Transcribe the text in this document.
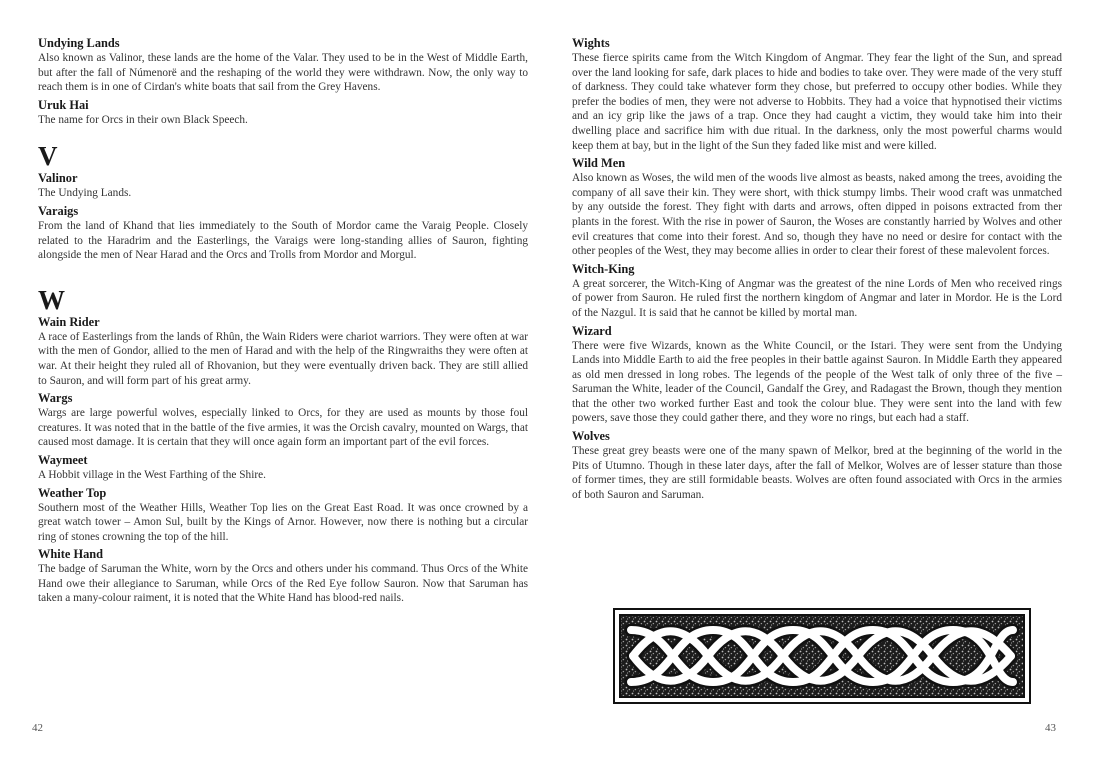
Undying Lands

Also known as Valinor, these lands are the home of the Valar. They used to be in the West of Middle Earth, but after the fall of Númenorë and the reshaping of the world they were withdrawn. Now, the only way to reach them is in one of Cirdan's white boats that sail from the Grey Havens.

Uruk Hai

The name for Orcs in their own Black Speech.

V

Valinor

The Undying Lands.

Varaigs

From the land of Khand that lies immediately to the South of Mordor came the Varaig People. Closely related to the Haradrim and the Easterlings, the Varaigs were long-standing allies of Sauron, fighting alongside the men of Near Harad and the Orcs and Trolls from Mordor and Morgul.

W

Wain Rider

A race of Easterlings from the lands of Rhûn, the Wain Riders were chariot warriors. They were often at war with the men of Gondor, allied to the men of Harad and with the help of the Ringwraiths they were often at war. At their height they ruled all of Rhovanion, but they were eventually driven back. They are still allied to Sauron, and will form part of his great army.

Wargs

Wargs are large powerful wolves, especially linked to Orcs, for they are used as mounts by those foul creatures. It was noted that in the battle of the five armies, it was the Orcish cavalry, mounted on Wargs, that caused most damage. It is certain that they will once again form an important part of the evil forces.

Waymeet

A Hobbit village in the West Farthing of the Shire.

Weather Top

Southern most of the Weather Hills, Weather Top lies on the Great East Road. It was once crowned by a great watch tower – Amon Sul, built by the Kings of Arnor. However, now there is nothing but a circular ring of stones crowning the top of the hill.

White Hand

The badge of Saruman the White, worn by the Orcs and others under his command. Thus Orcs of the White Hand owe their allegiance to Saruman, while Orcs of the Red Eye follow Sauron. Now that Saruman has taken a many-colour raiment, it is noted that the White Hand has blood-red nails.

Wights

These fierce spirits came from the Witch Kingdom of Angmar. They fear the light of the Sun, and spread over the land looking for safe, dark places to hide and bodies to take over. They were made of the very stuff of darkness. They could take whatever form they chose, but preferred to occupy other bodies. While they prefer the bodies of men, they were not adverse to Hobbits. They had a voice that hypnotised their victims and an icy grip like the jaws of a trap. Once they had caught a victim, they would take him into their dwelling place and sacrifice him with due ritual. In the darkness, only the most powerful charms would keep them at bay, but in the light of the Sun they faded like mist and were killed.

Wild Men

Also known as Woses, the wild men of the woods live almost as beasts, naked among the trees, avoiding the company of all save their kin. They were short, with thick stumpy limbs. Their wood craft was unmatched by any outside the forest. They fight with darts and arrows, often dipped in poisons extracted from ther plants in the forest. With the rise in power of Sauron, the Woses are constantly harried by Wolves and other evil creatures that come into their forest. And so, though they have no need or desire for contact with the other peoples of the West, they may become allies in order to clear their forest of these malevolent forces.

Witch-King

A great sorcerer, the Witch-King of Angmar was the greatest of the nine Lords of Men who received rings of power from Sauron. He ruled first the northern kingdom of Angmar and later in Mordor. He is the Lord of the Nazgul. It is said that he cannot be killed by mortal man.

Wizard

There were five Wizards, known as the White Council, or the Istari. They were sent from the Undying Lands into Middle Earth to aid the free peoples in their battle against Sauron. In Middle Earth they appeared as old men dressed in long robes. The legends of the people of the West talk of only three of the five – Saruman the White, leader of the Council, Gandalf the Grey, and Radagast the Brown, though they mention that the other two worked further East and took the colour blue. They were sent into the land with few powers, save those they could gather there, and they wore no rings, but each had a staff.

Wolves

These great grey beasts were one of the many spawn of Melkor, bred at the beginning of the world in the Pits of Utumno. Though in these later days, after the fall of Melkor, Wolves are of lesser stature than those of former times, they are still formidable beasts. Wolves are often found associated with Orcs in the armies of both Sauron and Saruman.

42	43
